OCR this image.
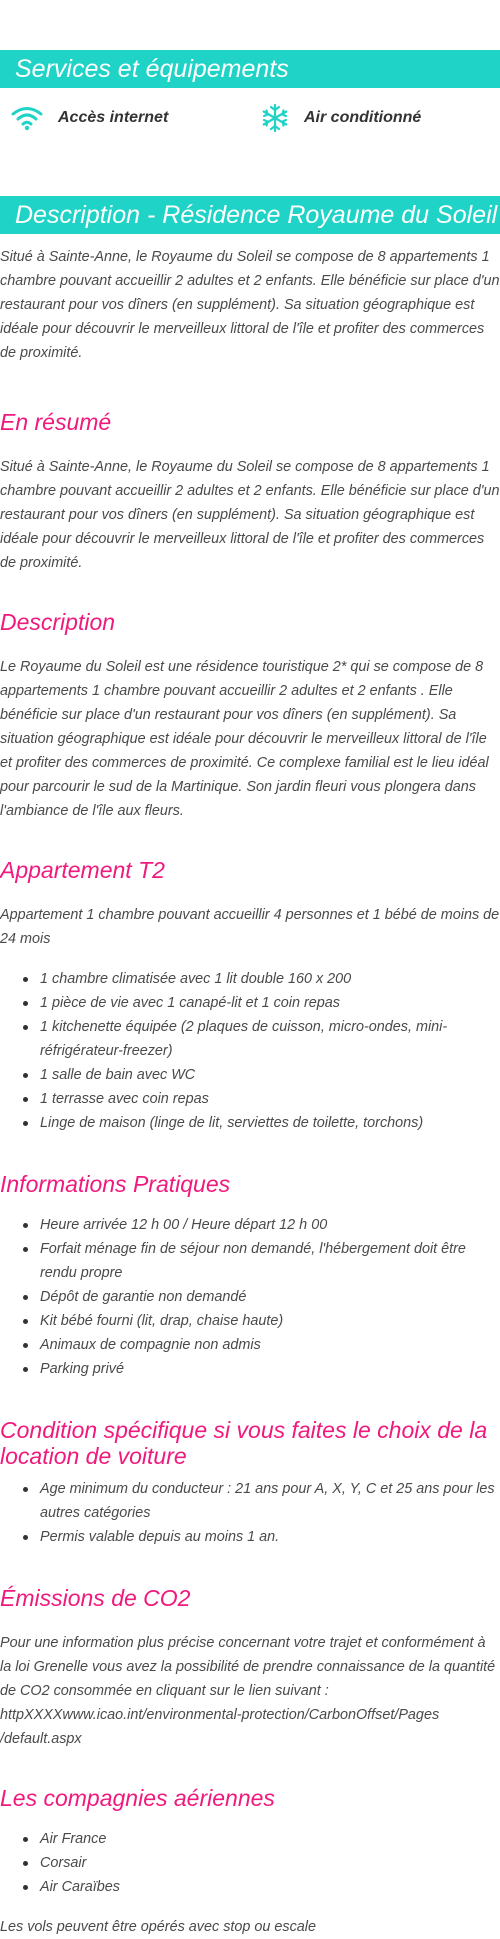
Services et équipements
Accès internet	Air conditionné
Description - Résidence Royaume du Soleil

Situé à Sainte-Anne, le Royaume du Soleil se compose de 8 appartements 1 chambre pouvant accueillir 2 adultes et 2 enfants. Elle bénéficie sur place d'un restaurant pour vos dîners (en supplément). Sa situation géographique est idéale pour découvrir le merveilleux littoral de l'île et profiter des commerces de proximité.

En résumé

Situé à Sainte-Anne, le Royaume du Soleil se compose de 8 appartements 1 chambre pouvant accueillir 2 adultes et 2 enfants. Elle bénéficie sur place d'un restaurant pour vos dîners (en supplément). Sa situation géographique est idéale pour découvrir le merveilleux littoral de l'île et profiter des commerces de proximité.

Description

Le Royaume du Soleil est une résidence touristique 2* qui se compose de 8 appartements 1 chambre pouvant accueillir 2 adultes et 2 enfants . Elle bénéficie sur place d'un restaurant pour vos dîners (en supplément). Sa situation géographique est idéale pour découvrir le merveilleux littoral de l'île et profiter des commerces de proximité. Ce complexe familial est le lieu idéal pour parcourir le sud de la Martinique. Son jardin fleuri vous plongera dans l'ambiance de l'île aux fleurs.

Appartement T2

Appartement 1 chambre pouvant accueillir 4 personnes et 1 bébé de moins de 24 mois

1 chambre climatisée avec 1 lit double 160 x 200
1 pièce de vie avec 1 canapé-lit et 1 coin repas
1 kitchenette équipée (2 plaques de cuisson, micro-ondes, mini-réfrigérateur-freezer)
1 salle de bain avec WC
1 terrasse avec coin repas
Linge de maison (linge de lit, serviettes de toilette, torchons)
Informations Pratiques
Heure arrivée 12 h 00 / Heure départ 12 h 00
Forfait ménage fin de séjour non demandé, l'hébergement doit être rendu propre
Dépôt de garantie non demandé
Kit bébé fourni (lit, drap, chaise haute)
Animaux de compagnie non admis
Parking privé
Condition spécifique si vous faites le choix de la location de voiture
Age minimum du conducteur : 21 ans pour A, X, Y, C et 25 ans pour les autres catégories
Permis valable depuis au moins 1 an.
Émissions de CO2

Pour une information plus précise concernant votre trajet et conformément à la loi Grenelle vous avez la possibilité de prendre connaissance de la quantité de CO2 consommée en cliquant sur le lien suivant : httpXXXXwww.icao.int/environmental-protection/CarbonOffset/Pages /default.aspx

Les compagnies aériennes
Air France
Corsair
Air Caraïbes

Les vols peuvent être opérés avec stop ou escale
